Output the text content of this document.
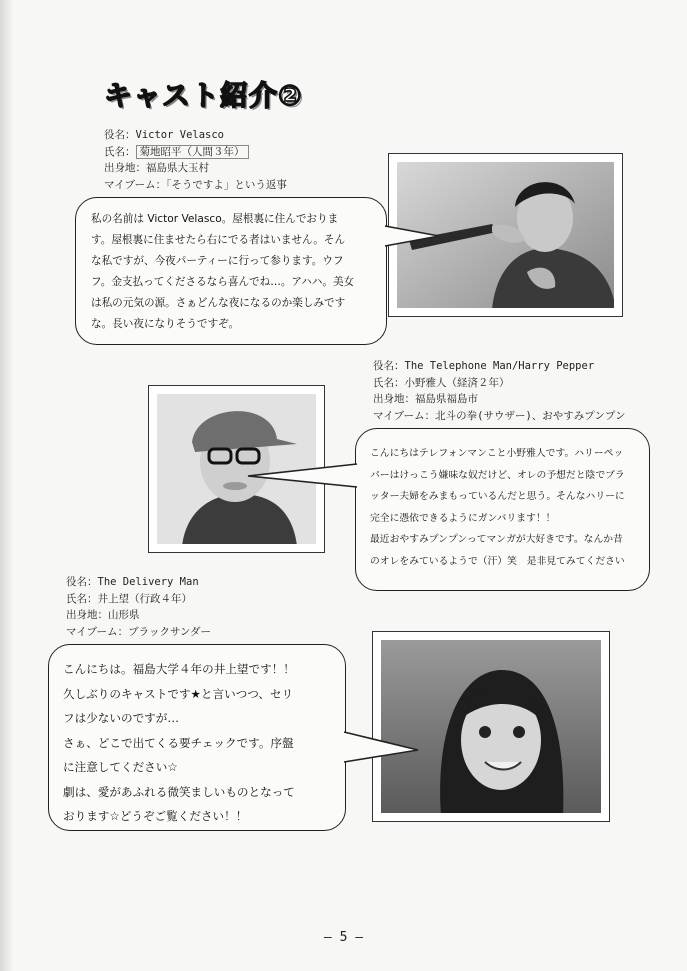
キャスト紹介②
役名：Victor Velasco
氏名： 菊地昭平（人間３年）
出身地：福島県大玉村
マイブーム：「そうですよ」という返事
私の名前は Victor Velasco。屋根裏に住んでおりま
す。屋根裏に住ませたら右にでる者はいません。そん
な私ですが、今夜パーティーに行って参ります。ウフ
フ。金支払ってくださるなら喜んでね…。アハハ。美女
は私の元気の源。さぁどんな夜になるのか楽しみです
な。長い夜になりそうですぞ。
役名：The Telephone Man/Harry Pepper
氏名：小野雅人（経済２年）
出身地：福島県福島市
マイブーム：北斗の拳(サウザー)、おやすみプンプン
こんにちはテレフォンマンこと小野雅人です。ハリーペッ
パーはけっこう嫌味な奴だけど、オレの予想だと陰でブラ
ッター夫婦をみまもっているんだと思う。そんなハリーに
完全に憑依できるようにガンバリます！！
最近おやすみプンプンってマンガが大好きです。なんか昔
のオレをみているようで（汗）笑　是非見てみてください
役名：The Delivery Man
氏名：井上望（行政４年）
出身地：山形県
マイブーム：ブラックサンダー
こんにちは。福島大学４年の井上望です！！
久しぶりのキャストです★と言いつつ、セリ
フは少ないのですが…
さぁ、どこで出てくる要チェックです。序盤
に注意してください☆
劇は、愛があふれる微笑ましいものとなって
おります☆どうぞご覧ください！！
― 5 ―
